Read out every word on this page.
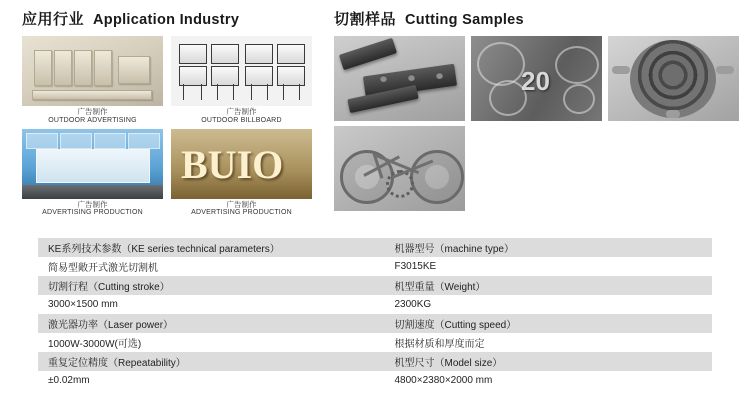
应用行业 Application Industry
广告制作
OUTDOOR ADVERTISING
广告制作
OUTDOOR BILLBOARD
广告制作
ADVERTISING PRODUCTION
BUIO
广告制作
ADVERTISING PRODUCTION
切割样品 Cutting Samples
20
KE系列技术参数（KE series technical parameters）	机器型号（machine type）
简易型敞开式激光切割机	F3015KE
切割行程（Cutting stroke）	机型重量（Weight）
3000×1500 mm	2300KG
激光器功率（Laser power）	切割速度（Cutting speed）
1000W-3000W(可选)	根据材质和厚度而定
重复定位精度（Repeatability）	机型尺寸（Model size）
±0.02mm	4800×2380×2000 mm
